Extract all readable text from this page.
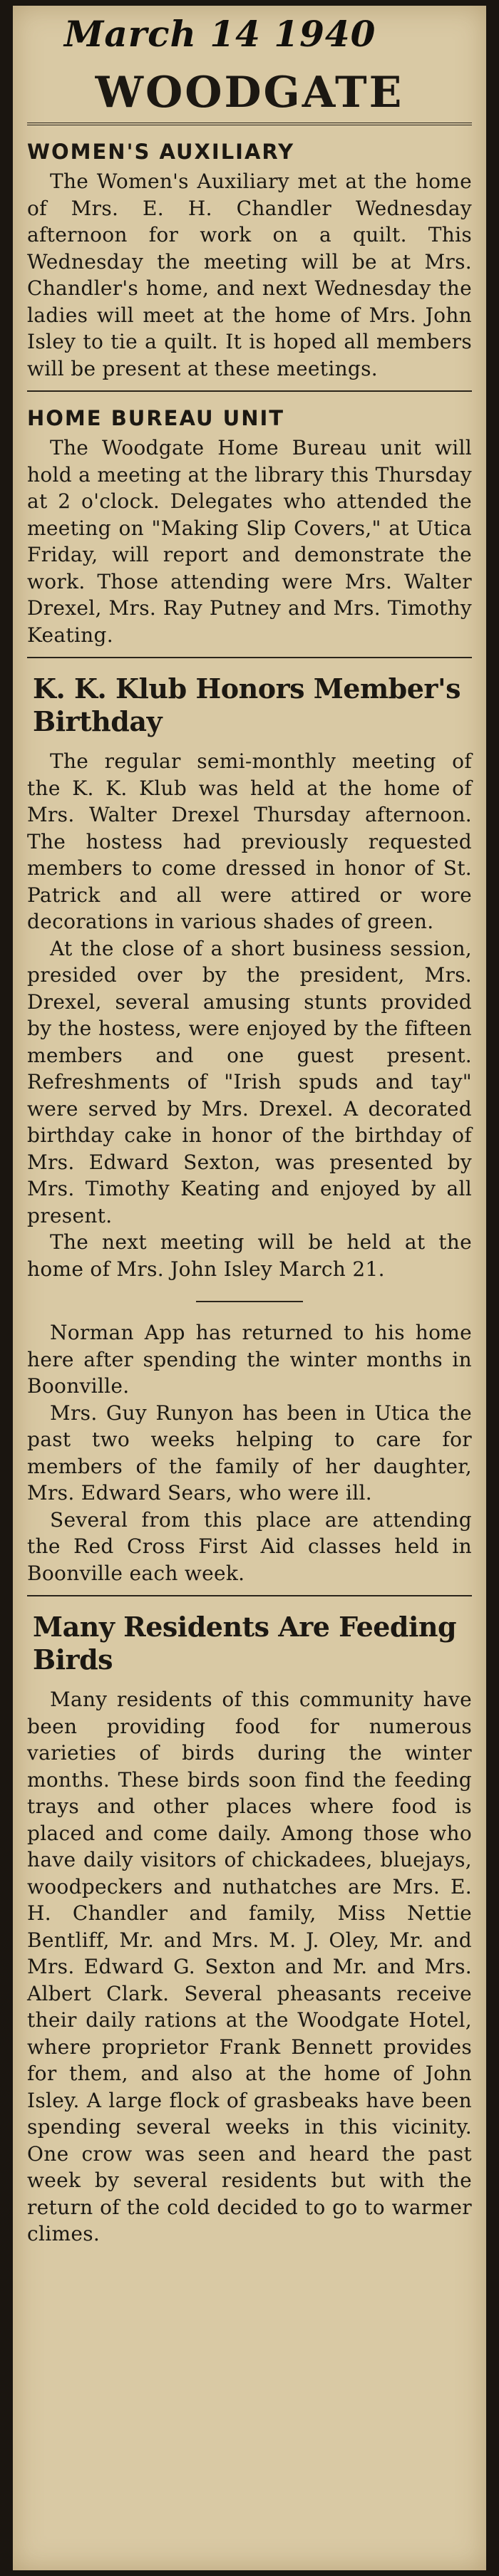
March 14 1940
WOODGATE
WOMEN'S AUXILIARY

The Women's Auxiliary met at the home of Mrs. E. H. Chandler Wednesday afternoon for work on a quilt. This Wednesday the meeting will be at Mrs. Chandler's home, and next Wednesday the ladies will meet at the home of Mrs. John Isley to tie a quilt. It is hoped all members will be present at these meetings.

HOME BUREAU UNIT

The Woodgate Home Bureau unit will hold a meeting at the library this Thursday at 2 o'clock. Delegates who attended the meeting on "Making Slip Covers," at Utica Friday, will report and demonstrate the work. Those attending were Mrs. Walter Drexel, Mrs. Ray Putney and Mrs. Timothy Keating.

K. K. Klub Honors Member's Birthday

The regular semi-monthly meeting of the K. K. Klub was held at the home of Mrs. Walter Drexel Thursday afternoon. The hostess had previously requested members to come dressed in honor of St. Patrick and all were attired or wore decorations in various shades of green.

At the close of a short business session, presided over by the president, Mrs. Drexel, several amusing stunts provided by the hostess, were enjoyed by the fifteen members and one guest present. Refreshments of "Irish spuds and tay" were served by Mrs. Drexel. A decorated birthday cake in honor of the birthday of Mrs. Edward Sexton, was presented by Mrs. Timothy Keating and enjoyed by all present.

The next meeting will be held at the home of Mrs. John Isley March 21.

Norman App has returned to his home here after spending the winter months in Boonville.

Mrs. Guy Runyon has been in Utica the past two weeks helping to care for members of the family of her daughter, Mrs. Edward Sears, who were ill.

Several from this place are attending the Red Cross First Aid classes held in Boonville each week.

Many Residents Are Feeding Birds

Many residents of this community have been providing food for numerous varieties of birds during the winter months. These birds soon find the feeding trays and other places where food is placed and come daily. Among those who have daily visitors of chickadees, bluejays, woodpeckers and nuthatches are Mrs. E. H. Chandler and family, Miss Nettie Bentliff, Mr. and Mrs. M. J. Oley, Mr. and Mrs. Edward G. Sexton and Mr. and Mrs. Albert Clark. Several pheasants receive their daily rations at the Woodgate Hotel, where proprietor Frank Bennett provides for them, and also at the home of John Isley. A large flock of grasbeaks have been spending several weeks in this vicinity. One crow was seen and heard the past week by several residents but with the return of the cold decided to go to warmer climes.
